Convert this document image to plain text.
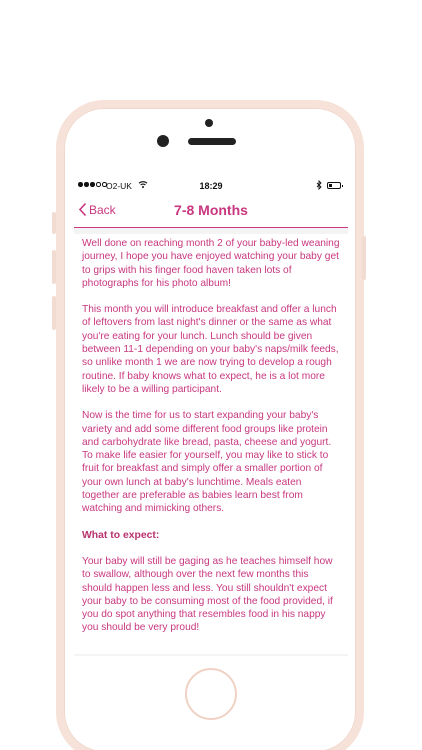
O2-UK	18:29
Back	7-8 Months

Well done on reaching month 2 of your baby-led weaning journey, I hope you have enjoyed watching your baby get to grips with his finger food haven taken lots of photographs for his photo album!

This month you will introduce breakfast and offer a lunch of leftovers from last night's dinner or the same as what you're eating for your lunch. Lunch should be given between 11-1 depending on your baby's naps/milk feeds, so unlike month 1 we are now trying to develop a rough routine. If baby knows what to expect, he is a lot more likely to be a willing participant.

Now is the time for us to start expanding your baby's variety and add some different food groups like protein and carbohydrate like bread, pasta, cheese and yogurt. To make life easier for yourself, you may like to stick to fruit for breakfast and simply offer a smaller portion of your own lunch at baby's lunchtime. Meals eaten together are preferable as babies learn best from watching and mimicking others.

What to expect:

Your baby will still be gaging as he teaches himself how to swallow, although over the next few months this should happen less and less. You still shouldn't expect your baby to be consuming most of the food provided, if you do spot anything that resembles food in his nappy you should be very proud!
